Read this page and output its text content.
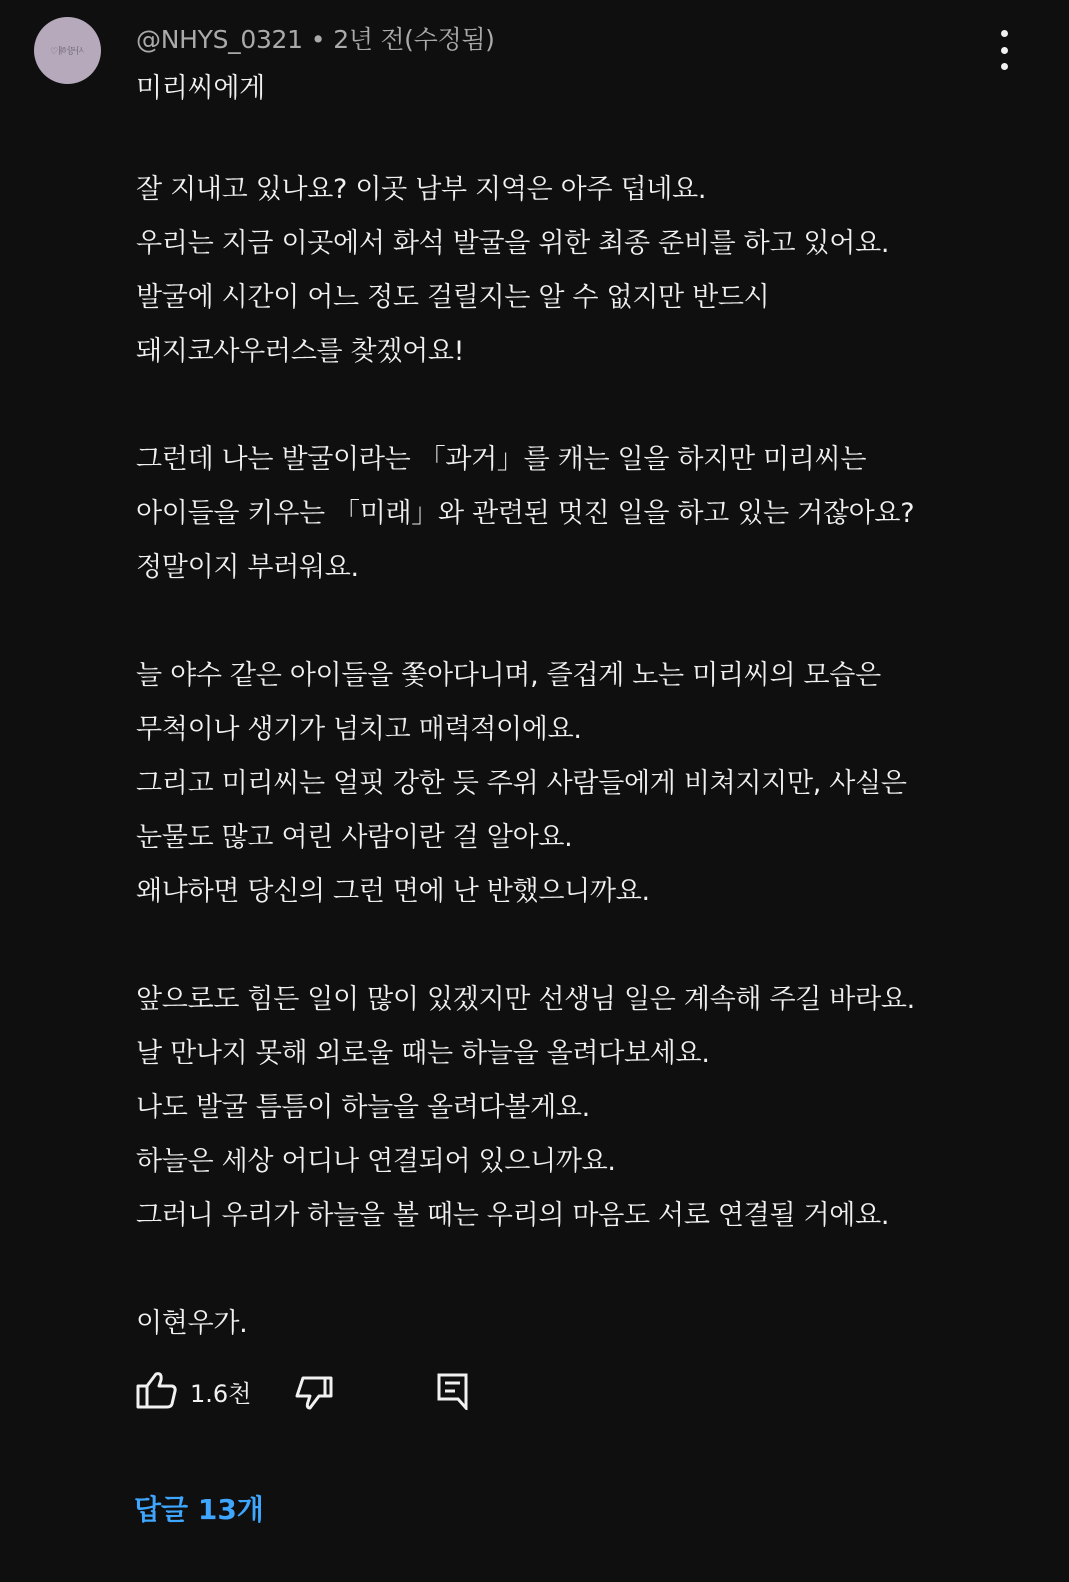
사랑해♡ @NHYS_0321 • 2년 전(수정됨)
미리씨에게
잘 지내고 있나요? 이곳 남부 지역은 아주 덥네요.
우리는 지금 이곳에서 화석 발굴을 위한 최종 준비를 하고 있어요.
발굴에 시간이 어느 정도 걸릴지는 알 수 없지만 반드시
돼지코사우러스를 찾겠어요!
그런데 나는 발굴이라는 「과거」를 캐는 일을 하지만 미리씨는
아이들을 키우는 「미래」와 관련된 멋진 일을 하고 있는 거잖아요?
정말이지 부러워요.
늘 야수 같은 아이들을 쫓아다니며, 즐겁게 노는 미리씨의 모습은
무척이나 생기가 넘치고 매력적이에요.
그리고 미리씨는 얼핏 강한 듯 주위 사람들에게 비쳐지지만, 사실은
눈물도 많고 여린 사람이란 걸 알아요.
왜냐하면 당신의 그런 면에 난 반했으니까요.
앞으로도 힘든 일이 많이 있겠지만 선생님 일은 계속해 주길 바라요.
날 만나지 못해 외로울 때는 하늘을 올려다보세요.
나도 발굴 틈틈이 하늘을 올려다볼게요.
하늘은 세상 어디나 연결되어 있으니까요.
그러니 우리가 하늘을 볼 때는 우리의 마음도 서로 연결될 거에요.
이현우가.
1.6천
답글 13개
